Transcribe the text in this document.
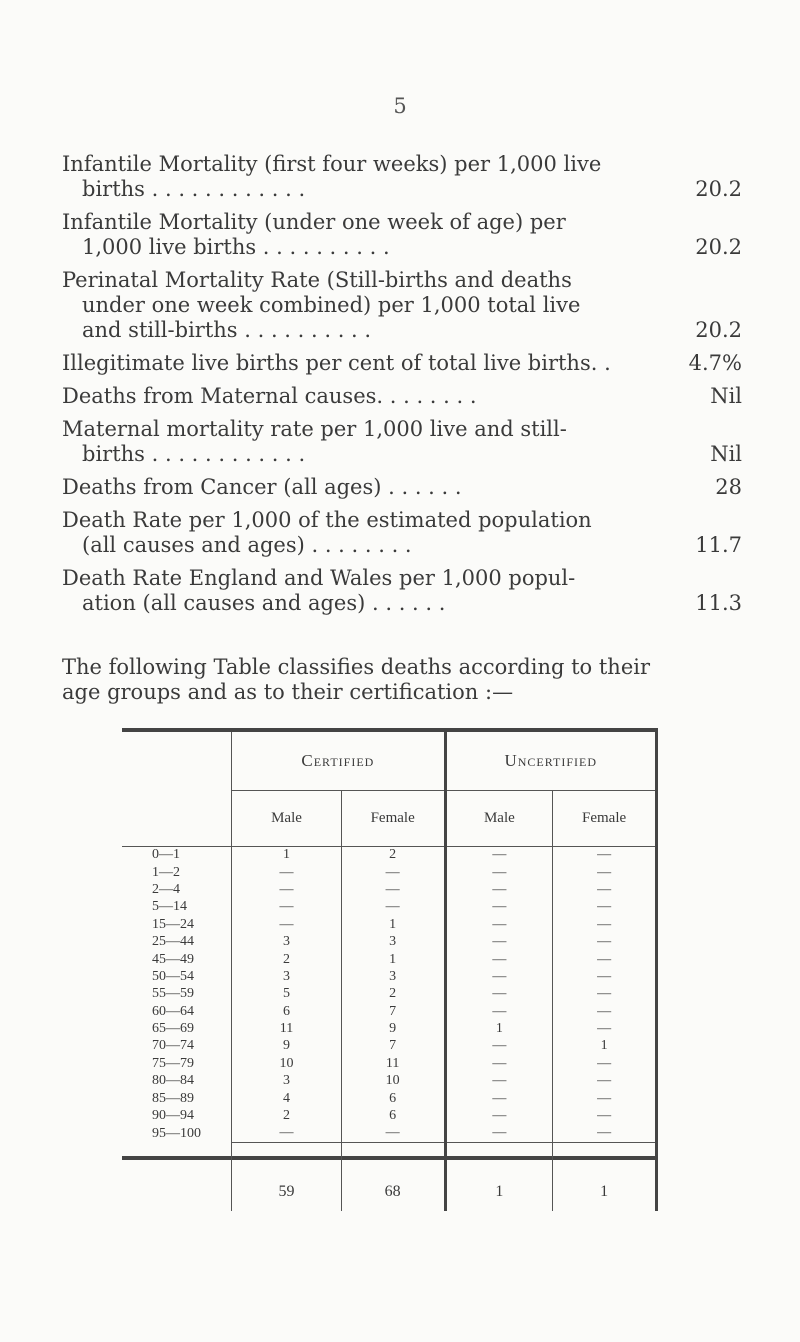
5
Infantile Mortality (first four weeks) per 1,000 live
births . . . . . . . . . . . .	20.2
Infantile Mortality (under one week of age) per
1,000 live births . . . . . . . . . .	20.2
Perinatal Mortality Rate (Still-births and deaths
under one week combined) per 1,000 total live
and still-births . . . . . . . . . .	20.2
Illegitimate live births per cent of total live births. .	4.7%
Deaths from Maternal causes. . . . . . . .	Nil
Maternal mortality rate per 1,000 live and still-
births . . . . . . . . . . . .	Nil
Deaths from Cancer (all ages) . . . . . .	28
Death Rate per 1,000 of the estimated population
(all causes and ages) . . . . . . . .	11.7
Death Rate England and Wales per 1,000 popul-
ation (all causes and ages) . . . . . .	11.3
The following Table classifies deaths according to their
age groups and as to their certification :—
	Certified		Uncertified	
	Male	Female	Male	Female
0—1	1	2	—	—
1—2	—	—	—	—
2—4	—	—	—	—
5—14	—	—	—	—
15—24	—	1	—	—
25—44	3	3	—	—
45—49	2	1	—	—
50—54	3	3	—	—
55—59	5	2	—	—
60—64	6	7	—	—
65—69	11	9	1	—
70—74	9	7	—	1
75—79	10	11	—	—
80—84	3	10	—	—
85—89	4	6	—	—
90—94	2	6	—	—
95—100	—	—	—	—
	59	68	1	1
